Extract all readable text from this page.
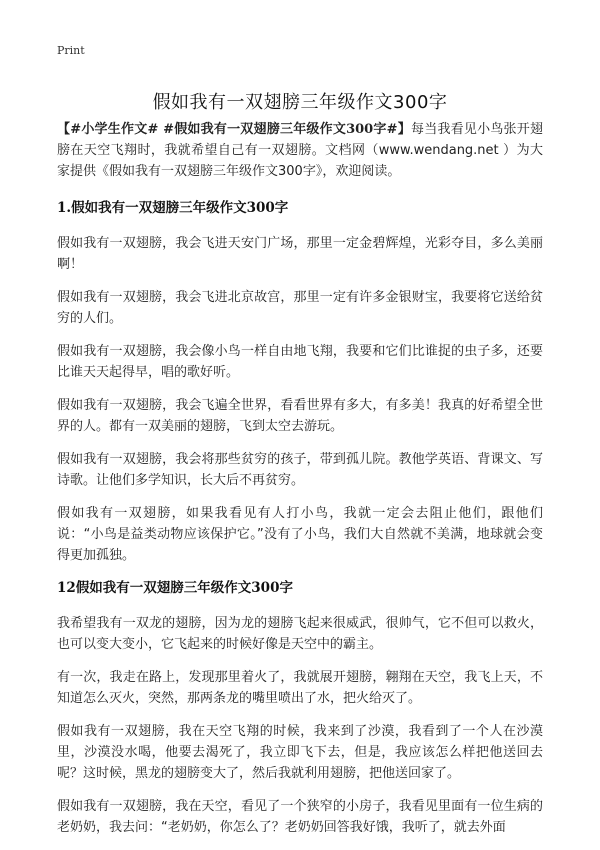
Print
假如我有一双翅膀三年级作文300字

【#小学生作文# #假如我有一双翅膀三年级作文300字#】每当我看见小鸟张开翅膀在天空飞翔时，我就希望自己有一双翅膀。文档网（www.wendang.net ）为大家提供《假如我有一双翅膀三年级作文300字》，欢迎阅读。

1.假如我有一双翅膀三年级作文300字

假如我有一双翅膀，我会飞进天安门广场，那里一定金碧辉煌，光彩夺目，多么美丽啊！

假如我有一双翅膀，我会飞进北京故宫，那里一定有许多金银财宝，我要将它送给贫穷的人们。

假如我有一双翅膀，我会像小鸟一样自由地飞翔，我要和它们比谁捉的虫子多，还要比谁天天起得早，唱的歌好听。

假如我有一双翅膀，我会飞遍全世界，看看世界有多大，有多美！我真的好希望全世界的人。都有一双美丽的翅膀，飞到太空去游玩。

假如我有一双翅膀，我会将那些贫穷的孩子，带到孤儿院。教他学英语、背课文、写诗歌。让他们多学知识，长大后不再贫穷。

假如我有一双翅膀，如果我看见有人打小鸟，我就一定会去阻止他们，跟他们说：“小鸟是益类动物应该保护它。”没有了小鸟，我们大自然就不美满，地球就会变得更加孤独。

12假如我有一双翅膀三年级作文300字

我希望我有一双龙的翅膀，因为龙的翅膀飞起来很威武，很帅气，它不但可以救火，也可以变大变小，它飞起来的时候好像是天空中的霸主。

有一次，我走在路上，发现那里着火了，我就展开翅膀，翱翔在天空，我飞上天，不知道怎么灭火，突然，那两条龙的嘴里喷出了水，把火给灭了。

假如我有一双翅膀，我在天空飞翔的时候，我来到了沙漠，我看到了一个人在沙漠里，沙漠没水喝，他要去渴死了，我立即飞下去，但是，我应该怎么样把他送回去呢？这时候，黑龙的翅膀变大了，然后我就利用翅膀，把他送回家了。

假如我有一双翅膀，我在天空，看见了一个狭窄的小房子，我看见里面有一位生病的老奶奶，我去问：“老奶奶，你怎么了？老奶奶回答我好饿，我听了，就去外面
